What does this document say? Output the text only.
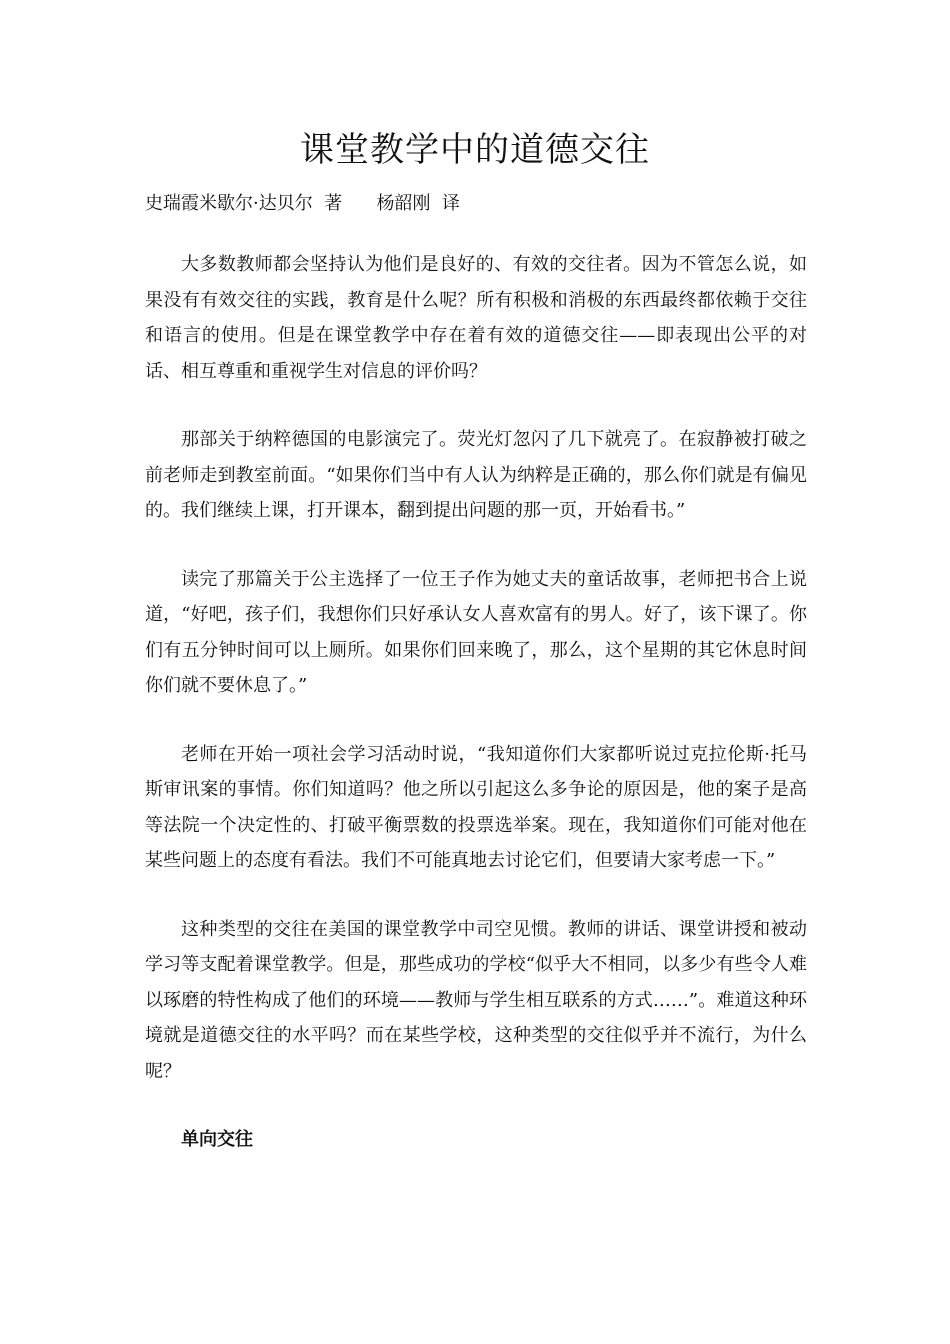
课堂教学中的道德交往
史瑞霞米歇尔·达贝尔  著      杨韶刚  译

大多数教师都会坚持认为他们是良好的、有效的交往者。因为不管怎么说，如果没有有效交往的实践，教育是什么呢？所有积极和消极的东西最终都依赖于交往和语言的使用。但是在课堂教学中存在着有效的道德交往——即表现出公平的对话、相互尊重和重视学生对信息的评价吗？

那部关于纳粹德国的电影演完了。荧光灯忽闪了几下就亮了。在寂静被打破之前老师走到教室前面。“如果你们当中有人认为纳粹是正确的，那么你们就是有偏见的。我们继续上课，打开课本，翻到提出问题的那一页，开始看书。”

读完了那篇关于公主选择了一位王子作为她丈夫的童话故事，老师把书合上说道，“好吧，孩子们，我想你们只好承认女人喜欢富有的男人。好了，该下课了。你们有五分钟时间可以上厕所。如果你们回来晚了，那么，这个星期的其它休息时间你们就不要休息了。”

老师在开始一项社会学习活动时说，“我知道你们大家都听说过克拉伦斯·托马斯审讯案的事情。你们知道吗？他之所以引起这么多争论的原因是，他的案子是高等法院一个决定性的、打破平衡票数的投票选举案。现在，我知道你们可能对他在某些问题上的态度有看法。我们不可能真地去讨论它们，但要请大家考虑一下。”

这种类型的交往在美国的课堂教学中司空见惯。教师的讲话、课堂讲授和被动学习等支配着课堂教学。但是，那些成功的学校“似乎大不相同，以多少有些令人难以琢磨的特性构成了他们的环境——教师与学生相互联系的方式……”。难道这种环境就是道德交往的水平吗？而在某些学校，这种类型的交往似乎并不流行，为什么呢？

单向交往
